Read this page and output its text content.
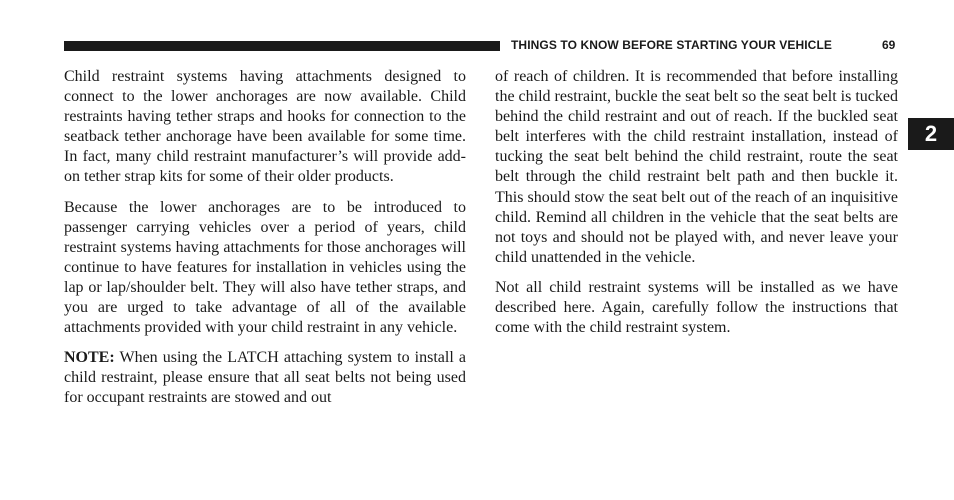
THINGS TO KNOW BEFORE STARTING YOUR VEHICLE	69
2

Child restraint systems having attachments designed to connect to the lower anchorages are now available. Child restraints having tether straps and hooks for connection to the seatback tether anchorage have been available for some time. In fact, many child restraint manufacturer’s will provide add-on tether strap kits for some of their older products.

Because the lower anchorages are to be introduced to passenger carrying vehicles over a period of years, child restraint systems having attachments for those anchorages will continue to have features for installation in vehicles using the lap or lap/shoulder belt. They will also have tether straps, and you are urged to take advantage of all of the available attachments provided with your child restraint in any vehicle.

NOTE: When using the LATCH attaching system to install a child restraint, please ensure that all seat belts not being used for occupant restraints are stowed and out

of reach of children. It is recommended that before installing the child restraint, buckle the seat belt so the seat belt is tucked behind the child restraint and out of reach. If the buckled seat belt interferes with the child restraint installation, instead of tucking the seat belt behind the child restraint, route the seat belt through the child restraint belt path and then buckle it. This should stow the seat belt out of the reach of an inquisitive child. Remind all children in the vehicle that the seat belts are not toys and should not be played with, and never leave your child unattended in the vehicle.

Not all child restraint systems will be installed as we have described here. Again, carefully follow the instructions that come with the child restraint system.
